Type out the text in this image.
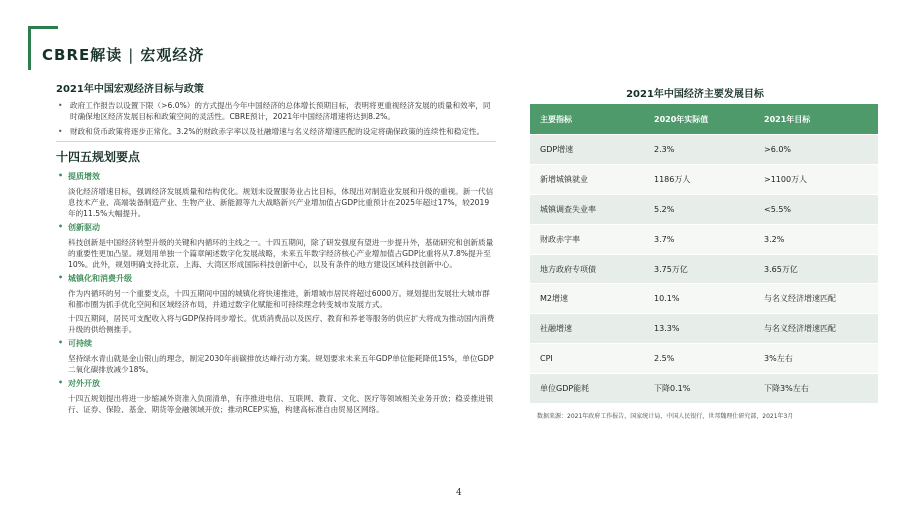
CBRE解读 | 宏观经济
2021年中国宏观经济目标与政策
• 政府工作报告以设置下限（>6.0%）的方式提出今年中国经济的总体增长预期目标，表明将更重视经济发展的质量和效率，同时确保地区经济发展目标和政策空间的灵活性。CBRE预计，2021年中国经济增速将达到8.2%。
• 财政和货币政策将逐步正常化。3.2%的财政赤字率以及社融增速与名义经济增速匹配的设定将确保政策的连续性和稳定性。
十四五规划要点
• 提质增效
淡化经济增速目标，强调经济发展质量和结构优化。规划未设置服务业占比目标，体现出对制造业发展和升级的重视。新一代信息技术产业、高端装备制造产业、生物产业、新能源等九大战略新兴产业增加值占GDP比重预计在2025年超过17%，较2019年的11.5%大幅提升。
• 创新驱动
科技创新是中国经济转型升级的关键和内循环的主线之一。十四五期间，除了研发强度有望进一步提升外，基础研究和创新质量的重要性更加凸显。规划用单独一个篇章阐述数字化发展战略，未来五年数字经济核心产业增加值占GDP比重将从7.8%提升至10%。此外，规划明确支持北京、上海、大湾区形成国际科技创新中心，以及有条件的地方建设区域科技创新中心。
• 城镇化和消费升级
作为内循环的另一个重要支点，十四五期间中国的城镇化将快速推进，新增城市居民将超过6000万。规划提出发展壮大城市群和都市圈为抓手优化空间和区域经济布局，并通过数字化赋能和可持续理念转变城市发展方式。
十四五期间，居民可支配收入将与GDP保持同步增长。优质消费品以及医疗、教育和养老等服务的供应扩大将成为推动国内消费升级的供给侧推手。
• 可持续
坚持绿水青山就是金山银山的理念，制定2030年前碳排放达峰行动方案。规划要求未来五年GDP单位能耗降低15%，单位GDP二氧化碳排放减少18%。
• 对外开放
十四五规划提出将进一步缩减外资准入负面清单，有序推进电信、互联网、教育、文化、医疗等领域相关业务开放；稳妥推进银行、证券、保险、基金、期货等金融领域开放；推动RCEP实施，构建高标准自由贸易区网络。
2021年中国经济主要发展目标
主要指标	2020年实际值	2021年目标
GDP增速	2.3%	>6.0%
新增城镇就业	1186万人	>1100万人
城镇调查失业率	5.2%	<5.5%
财政赤字率	3.7%	3.2%
地方政府专项债	3.75万亿	3.65万亿
M2增速	10.1%	与名义经济增速匹配
社融增速	13.3%	与名义经济增速匹配
CPI	2.5%	3%左右
单位GDP能耗	下降0.1%	下降3%左右
数据来源：2021年政府工作报告，国家统计局，中国人民银行，世邦魏理仕研究部，2021年3月
4
